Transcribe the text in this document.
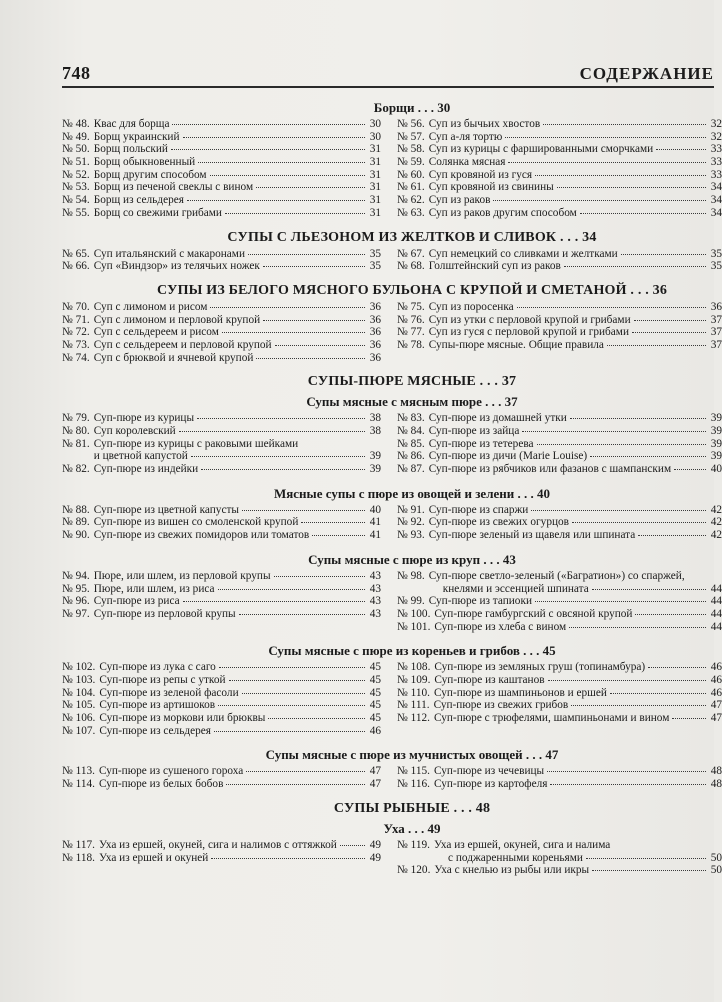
748	СОДЕРЖАНИЕ
Борщи . . . 30
№ 48. Квас для борща	30
№ 49. Борщ украинский	30
№ 50. Борщ польский	31
№ 51. Борщ обыкновенный	31
№ 52. Борщ другим способом	31
№ 53. Борщ из печеной свеклы с вином	31
№ 54. Борщ из сельдерея	31
№ 55. Борщ со свежими грибами	31
№ 56. Суп из бычьих хвостов	32
№ 57. Суп а-ля тортю	32
№ 58. Суп из курицы с фаршированными сморчками	33
№ 59. Солянка мясная	33
№ 60. Суп кровяной из гуся	33
№ 61. Суп кровяной из свинины	34
№ 62. Суп из раков	34
№ 63. Суп из раков другим способом	34
СУПЫ С ЛЬЕЗОНОМ ИЗ ЖЕЛТКОВ И СЛИВОК . . . 34
№ 65. Суп итальянский с макаронами	35
№ 66. Суп «Виндзор» из телячьих ножек	35
№ 67. Суп немецкий со сливками и желтками	35
№ 68. Голштейнский суп из раков	35
СУПЫ ИЗ БЕЛОГО МЯСНОГО БУЛЬОНА С КРУПОЙ И СМЕТАНОЙ . . . 36
№ 70. Суп с лимоном и рисом	36
№ 71. Суп с лимоном и перловой крупой	36
№ 72. Суп с сельдереем и рисом	36
№ 73. Суп с сельдереем и перловой крупой	36
№ 74. Суп с брюквой и ячневой крупой	36
№ 75. Суп из поросенка	36
№ 76. Суп из утки с перловой крупой и грибами	37
№ 77. Суп из гуся с перловой крупой и грибами	37
№ 78. Супы-пюре мясные. Общие правила	37
СУПЫ-ПЮРЕ МЯСНЫЕ . . . 37
Супы мясные с мясным пюре . . . 37
№ 79. Суп-пюре из курицы	38
№ 80. Суп королевский	38
№ 81. Суп-пюре из курицы с раковыми шейками
и цветной капустой	39
№ 82. Суп-пюре из индейки	39
№ 83. Суп-пюре из домашней утки	39
№ 84. Суп-пюре из зайца	39
№ 85. Суп-пюре из тетерева	39
№ 86. Суп-пюре из дичи (Marie Louise)	39
№ 87. Суп-пюре из рябчиков или фазанов с шампанским	40
Мясные супы с пюре из овощей и зелени . . . 40
№ 88. Суп-пюре из цветной капусты	40
№ 89. Суп-пюре из вишен со смоленской крупой	41
№ 90. Суп-пюре из свежих помидоров или томатов	41
№ 91. Суп-пюре из спаржи	42
№ 92. Суп-пюре из свежих огурцов	42
№ 93. Суп-пюре зеленый из щавеля или шпината	42
Супы мясные с пюре из круп . . . 43
№ 94. Пюре, или шлем, из перловой крупы	43
№ 95. Пюре, или шлем, из риса	43
№ 96. Суп-пюре из риса	43
№ 97. Суп-пюре из перловой крупы	43
№ 98. Суп-пюре светло-зеленый («Багратион») со спаржей,
кнелями и эссенцией шпината	44
№ 99. Суп-пюре из тапиоки	44
№ 100. Суп-пюре гамбургский с овсяной крупой	44
№ 101. Суп-пюре из хлеба с вином	44
Супы мясные с пюре из кореньев и грибов . . . 45
№ 102. Суп-пюре из лука с саго	45
№ 103. Суп-пюре из репы с уткой	45
№ 104. Суп-пюре из зеленой фасоли	45
№ 105. Суп-пюре из артишоков	45
№ 106. Суп-пюре из моркови или брюквы	45
№ 107. Суп-пюре из сельдерея	46
№ 108. Суп-пюре из земляных груш (топинамбура)	46
№ 109. Суп-пюре из каштанов	46
№ 110. Суп-пюре из шампиньонов и ершей	46
№ 111. Суп-пюре из свежих грибов	47
№ 112. Суп-пюре с трюфелями, шампиньонами и вином	47
Супы мясные с пюре из мучнистых овощей . . . 47
№ 113. Суп-пюре из сушеного гороха	47
№ 114. Суп-пюре из белых бобов	47
№ 115. Суп-пюре из чечевицы	48
№ 116. Суп-пюре из картофеля	48
СУПЫ РЫБНЫЕ . . . 48
Уха . . . 49
№ 117. Уха из ершей, окуней, сига и налимов с оттяжкой	49
№ 118. Уха из ершей и окуней	49
№ 119. Уха из ершей, окуней, сига и налима
с поджаренными кореньями	50
№ 120. Уха с кнелью из рыбы или икры	50
